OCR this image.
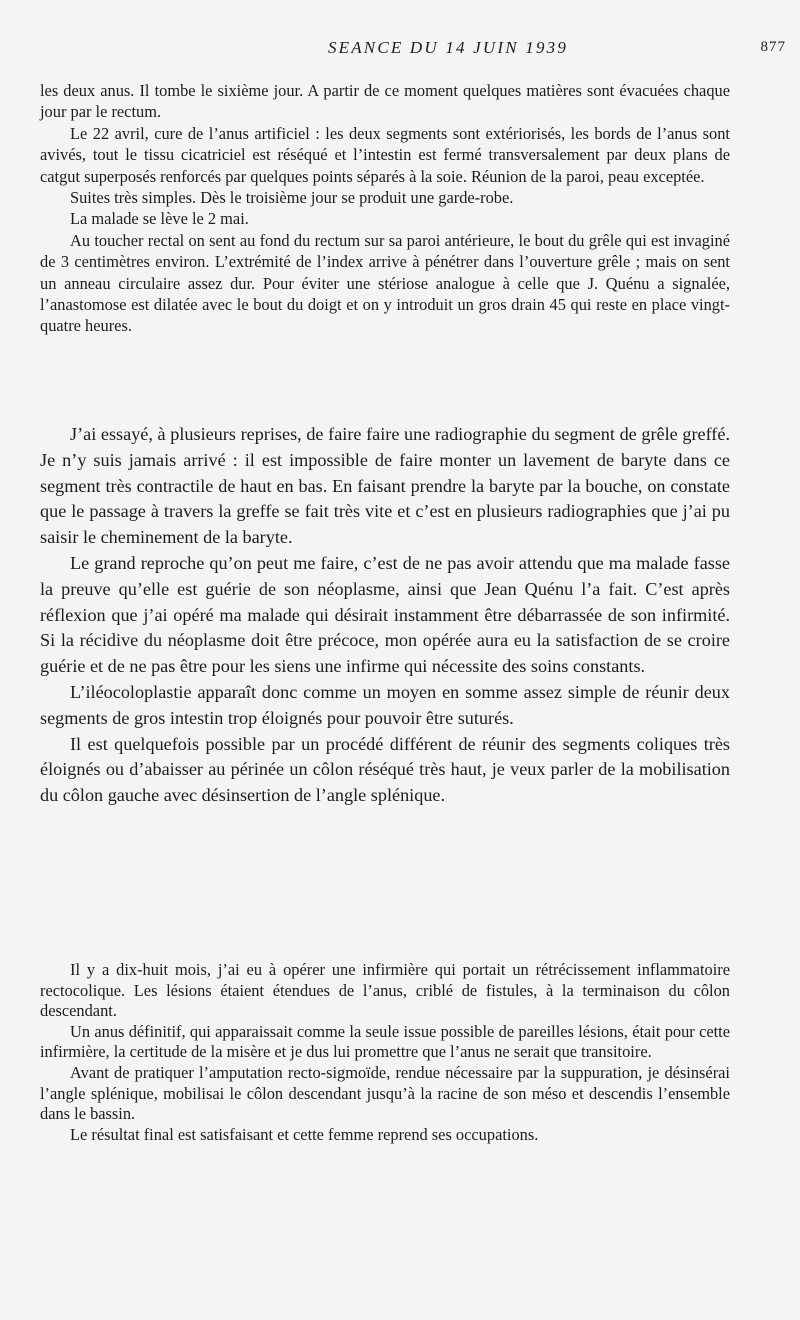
SEANCE DU 14 JUIN 1939	877

les deux anus. Il tombe le sixième jour. A partir de ce moment quelques matières sont évacuées chaque jour par le rectum.

Le 22 avril, cure de l’anus artificiel : les deux segments sont extériorisés, les bords de l’anus sont avivés, tout le tissu cicatriciel est réséqué et l’intestin est fermé transversalement par deux plans de catgut superposés renforcés par quelques points séparés à la soie. Réunion de la paroi, peau exceptée.

Suites très simples. Dès le troisième jour se produit une garde-robe.

La malade se lève le 2 mai.

Au toucher rectal on sent au fond du rectum sur sa paroi antérieure, le bout du grêle qui est invaginé de 3 centimètres environ. L’extrémité de l’index arrive à pénétrer dans l’ouverture grêle ; mais on sent un anneau circulaire assez dur. Pour éviter une stériose analogue à celle que J. Quénu a signalée, l’anastomose est dilatée avec le bout du doigt et on y introduit un gros drain 45 qui reste en place vingt-quatre heures.

J’ai essayé, à plusieurs reprises, de faire faire une radiographie du segment de grêle greffé. Je n’y suis jamais arrivé : il est impossible de faire monter un lavement de baryte dans ce segment très contractile de haut en bas. En faisant prendre la baryte par la bouche, on constate que le passage à travers la greffe se fait très vite et c’est en plusieurs radiographies que j’ai pu saisir le cheminement de la baryte.

Le grand reproche qu’on peut me faire, c’est de ne pas avoir attendu que ma malade fasse la preuve qu’elle est guérie de son néoplasme, ainsi que Jean Quénu l’a fait. C’est après réflexion que j’ai opéré ma malade qui désirait instamment être débarrassée de son infirmité. Si la récidive du néoplasme doit être précoce, mon opérée aura eu la satisfaction de se croire guérie et de ne pas être pour les siens une infirme qui nécessite des soins constants.

L’iléocoloplastie apparaît donc comme un moyen en somme assez simple de réunir deux segments de gros intestin trop éloignés pour pouvoir être suturés.

Il est quelquefois possible par un procédé différent de réunir des segments coliques très éloignés ou d’abaisser au périnée un côlon réséqué très haut, je veux parler de la mobilisation du côlon gauche avec désinsertion de l’angle splénique.

Il y a dix-huit mois, j’ai eu à opérer une infirmière qui portait un rétrécissement inflammatoire rectocolique. Les lésions étaient étendues de l’anus, criblé de fistules, à la terminaison du côlon descendant.

Un anus définitif, qui apparaissait comme la seule issue possible de pareilles lésions, était pour cette infirmière, la certitude de la misère et je dus lui promettre que l’anus ne serait que transitoire.

Avant de pratiquer l’amputation recto-sigmoïde, rendue nécessaire par la suppuration, je désinsérai l’angle splénique, mobilisai le côlon descendant jusqu’à la racine de son méso et descendis l’ensemble dans le bassin.

Le résultat final est satisfaisant et cette femme reprend ses occupations.
